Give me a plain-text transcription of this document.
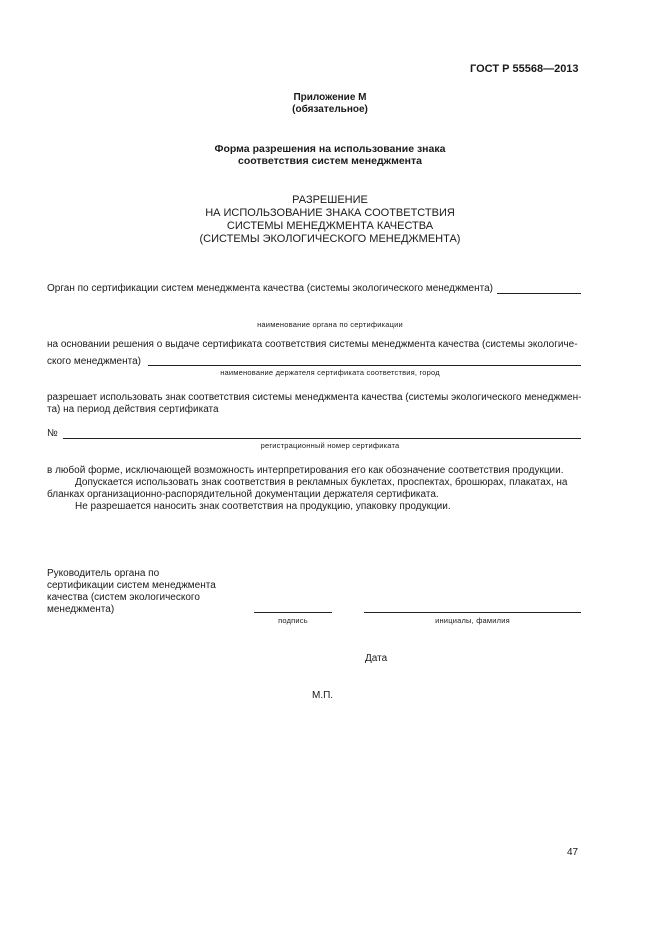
ГОСТ Р 55568—2013
Приложение М
(обязательное)
Форма разрешения на использование знака
соответствия систем менеджмента
РАЗРЕШЕНИЕ
НА ИСПОЛЬЗОВАНИЕ ЗНАКА СООТВЕТСТВИЯ
СИСТЕМЫ МЕНЕДЖМЕНТА КАЧЕСТВА
(СИСТЕМЫ ЭКОЛОГИЧЕСКОГО МЕНЕДЖМЕНТА)
Орган по сертификации систем менеджмента качества (системы экологического менеджмента)
наименование органа по сертификации
на основании решения о выдаче сертификата соответствия системы менеджмента качества (системы экологиче-
ского менеджмента)
наименование держателя сертификата соответствия, город
разрешает использовать знак соответствия системы менеджмента качества (системы экологического менеджмен-
та) на период действия сертификата
№
регистрационный номер сертификата
в любой форме, исключающей возможность интерпретирования его как обозначение соответствия продукции.
Допускается использовать знак соответствия в рекламных буклетах, проспектах, брошюрах, плакатах, на
бланках организационно-распорядительной документации держателя сертификата.
Не разрешается наносить знак соответствия на продукцию, упаковку продукции.
Руководитель органа по
сертификации систем менеджмента
качества (систем экологического
менеджмента)
подпись	инициалы, фамилия
Дата
М.П.
47
